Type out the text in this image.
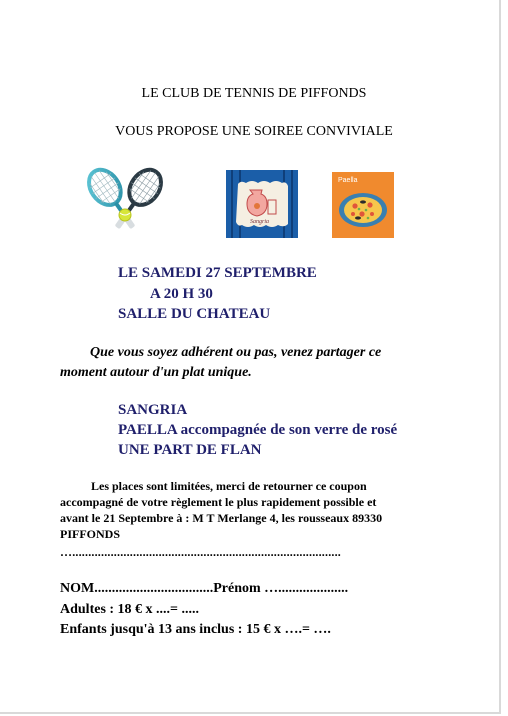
LE CLUB DE TENNIS DE PIFFONDS
VOUS PROPOSE UNE SOIREE CONVIVIALE
Sangria
Paella
LE SAMEDI 27 SEPTEMBRE
A 20 H 30
SALLE DU CHATEAU
Que vous soyez adhérent ou pas, venez partager ce
moment autour d'un plat unique.
SANGRIA
PAELLA accompagnée de son verre de rosé
UNE PART DE FLAN
Les places sont limitées, merci de retourner ce coupon
accompagné de votre règlement le plus rapidement possible et
avant le 21 Septembre à : M T Merlange 4, les rousseaux 89330
PIFFONDS
…....................................................................................
NOM..................................Prénom …....................
Adultes : 18 € x ....= .....
Enfants jusqu'à 13 ans inclus : 15 € x ….= ….
